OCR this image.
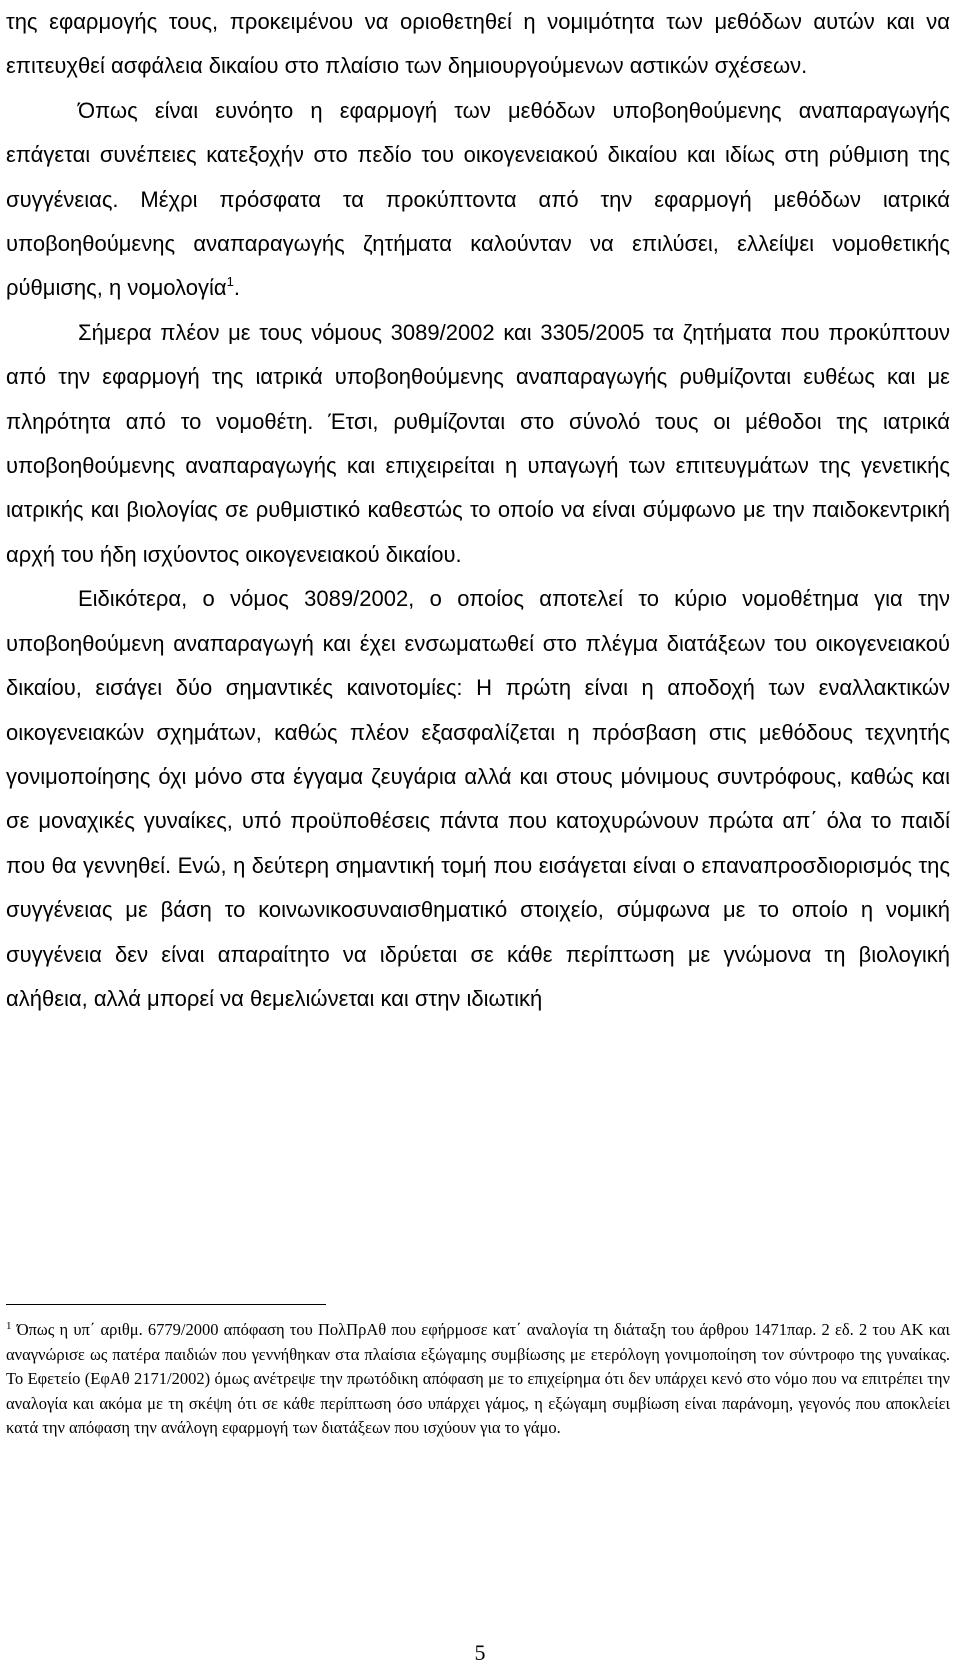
της εφαρμογής τους, προκειμένου να οριοθετηθεί η νομιμότητα των μεθόδων αυτών και να επιτευχθεί ασφάλεια δικαίου στο πλαίσιο των δημιουργούμενων αστικών σχέσεων.

Όπως είναι ευνόητο η εφαρμογή των μεθόδων υποβοηθούμενης αναπαραγωγής επάγεται συνέπειες κατεξοχήν στο πεδίο του οικογενειακού δικαίου και ιδίως στη ρύθμιση της συγγένειας. Μέχρι πρόσφατα τα προκύπτοντα από την εφαρμογή μεθόδων ιατρικά υποβοηθούμενης αναπαραγωγής ζητήματα καλούνταν να επιλύσει, ελλείψει νομοθετικής ρύθμισης, η νομολογία$^1$.

Σήμερα πλέον με τους νόμους 3089/2002 και 3305/2005 τα ζητήματα που προκύπτουν από την εφαρμογή της ιατρικά υποβοηθούμενης αναπαραγωγής ρυθμίζονται ευθέως και με πληρότητα από το νομοθέτη. Έτσι, ρυθμίζονται στο σύνολό τους οι μέθοδοι της ιατρικά υποβοηθούμενης αναπαραγωγής και επιχειρείται η υπαγωγή των επιτευγμάτων της γενετικής ιατρικής και βιολογίας σε ρυθμιστικό καθεστώς το οποίο να είναι σύμφωνο με την παιδοκεντρική αρχή του ήδη ισχύοντος οικογενειακού δικαίου.

Ειδικότερα, ο νόμος 3089/2002, ο οποίος αποτελεί το κύριο νομοθέτημα για την υποβοηθούμενη αναπαραγωγή και έχει ενσωματωθεί στο πλέγμα διατάξεων του οικογενειακού δικαίου, εισάγει δύο σημαντικές καινοτομίες: Η πρώτη είναι η αποδοχή των εναλλακτικών οικογενειακών σχημάτων, καθώς πλέον εξασφαλίζεται η πρόσβαση στις μεθόδους τεχνητής γονιμοποίησης όχι μόνο στα έγγαμα ζευγάρια αλλά και στους μόνιμους συντρόφους, καθώς και σε μοναχικές γυναίκες, υπό προϋποθέσεις πάντα που κατοχυρώνουν πρώτα απ΄ όλα το παιδί που θα γεννηθεί. Ενώ, η δεύτερη σημαντική τομή που εισάγεται είναι ο επαναπροσδιορισμός της συγγένειας με βάση το κοινωνικοσυναισθηματικό στοιχείο, σύμφωνα με το οποίο η νομική συγγένεια δεν είναι απαραίτητο να ιδρύεται σε κάθε περίπτωση με γνώμονα τη βιολογική αλήθεια, αλλά μπορεί να θεμελιώνεται και στην ιδιωτική

$^1$ Όπως η υπ΄ αριθμ. 6779/2000 απόφαση του ΠολΠρΑθ που εφήρμοσε κατ΄ αναλογία τη διάταξη του άρθρου 1471παρ. 2 εδ. 2 του ΑΚ και αναγνώρισε ως πατέρα παιδιών που γεννήθηκαν στα πλαίσια εξώγαμης συμβίωσης με ετερόλογη γονιμοποίηση τον σύντροφο της γυναίκας. Το Εφετείο (ΕφΑθ 2171/2002) όμως ανέτρεψε την πρωτόδικη απόφαση με το επιχείρημα ότι δεν υπάρχει κενό στο νόμο που να επιτρέπει την αναλογία και ακόμα με τη σκέψη ότι σε κάθε περίπτωση όσο υπάρχει γάμος, η εξώγαμη συμβίωση είναι παράνομη, γεγονός που αποκλείει κατά την απόφαση την ανάλογη εφαρμογή των διατάξεων που ισχύουν για το γάμο.

5
